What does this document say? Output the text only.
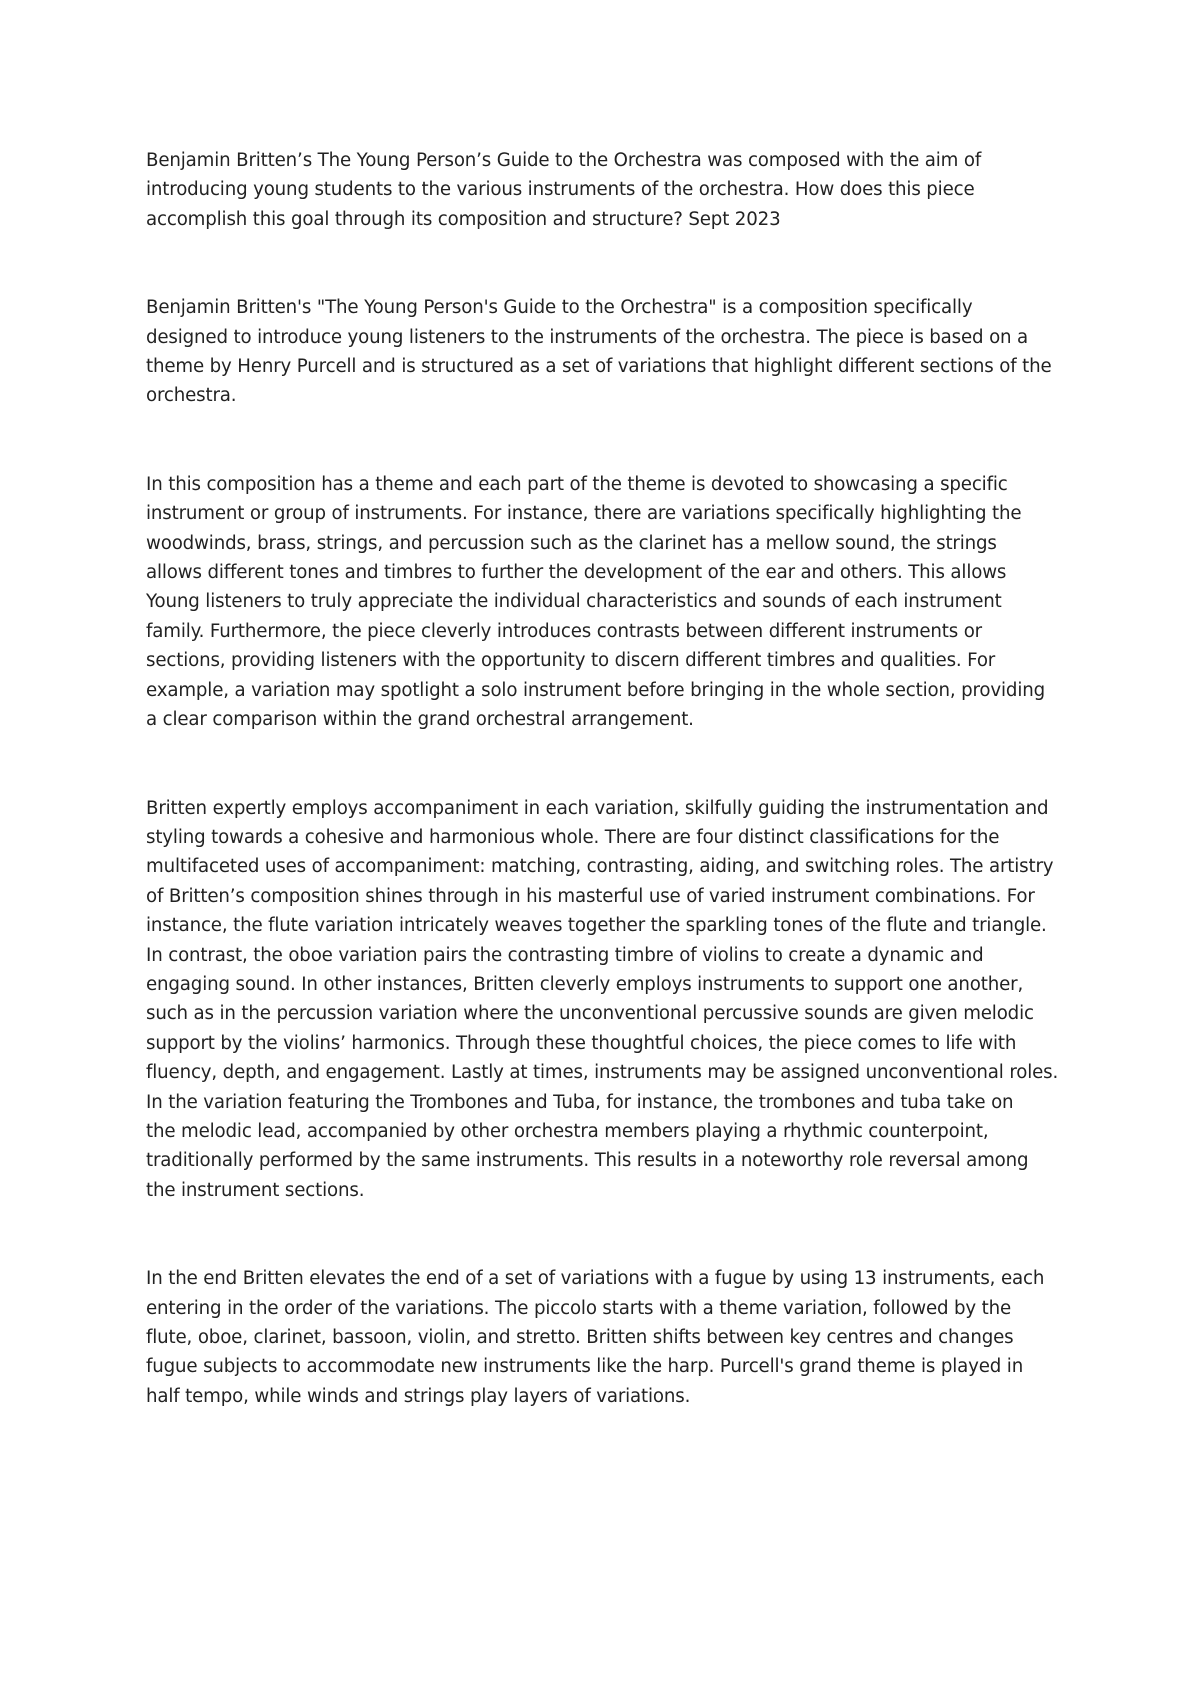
Benjamin Britten’s The Young Person’s Guide to the Orchestra was composed with the aim of
introducing young students to the various instruments of the orchestra. How does this piece
accomplish this goal through its composition and structure? Sept 2023

Benjamin Britten's "The Young Person's Guide to the Orchestra" is a composition specifically
designed to introduce young listeners to the instruments of the orchestra. The piece is based on a
theme by Henry Purcell and is structured as a set of variations that highlight different sections of the
orchestra.

In this composition has a theme and each part of the theme is devoted to showcasing a specific
instrument or group of instruments. For instance, there are variations specifically highlighting the
woodwinds, brass, strings, and percussion such as the clarinet has a mellow sound, the strings
allows different tones and timbres to further the development of the ear and others. This allows
Young listeners to truly appreciate the individual characteristics and sounds of each instrument
family. Furthermore, the piece cleverly introduces contrasts between different instruments or
sections, providing listeners with the opportunity to discern different timbres and qualities. For
example, a variation may spotlight a solo instrument before bringing in the whole section, providing
a clear comparison within the grand orchestral arrangement.

Britten expertly employs accompaniment in each variation, skilfully guiding the instrumentation and
styling towards a cohesive and harmonious whole. There are four distinct classifications for the
multifaceted uses of accompaniment: matching, contrasting, aiding, and switching roles. The artistry
of Britten’s composition shines through in his masterful use of varied instrument combinations. For
instance, the flute variation intricately weaves together the sparkling tones of the flute and triangle.
In contrast, the oboe variation pairs the contrasting timbre of violins to create a dynamic and
engaging sound. In other instances, Britten cleverly employs instruments to support one another,
such as in the percussion variation where the unconventional percussive sounds are given melodic
support by the violins’ harmonics. Through these thoughtful choices, the piece comes to life with
fluency, depth, and engagement. Lastly at times, instruments may be assigned unconventional roles.
In the variation featuring the Trombones and Tuba, for instance, the trombones and tuba take on
the melodic lead, accompanied by other orchestra members playing a rhythmic counterpoint,
traditionally performed by the same instruments. This results in a noteworthy role reversal among
the instrument sections.

In the end Britten elevates the end of a set of variations with a fugue by using 13 instruments, each
entering in the order of the variations. The piccolo starts with a theme variation, followed by the
flute, oboe, clarinet, bassoon, violin, and stretto. Britten shifts between key centres and changes
fugue subjects to accommodate new instruments like the harp. Purcell's grand theme is played in
half tempo, while winds and strings play layers of variations.
